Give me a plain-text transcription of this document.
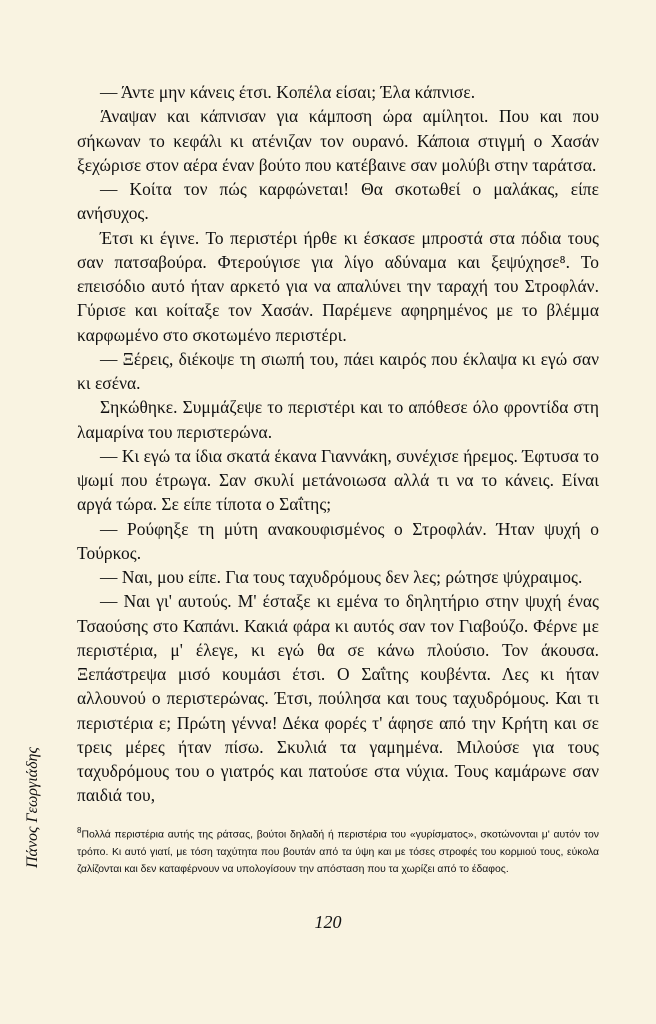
— Άντε μην κάνεις έτσι. Κοπέλα είσαι; Έλα κάπνισε.

Άναψαν και κάπνισαν για κάμποση ώρα αμίλητοι. Που και που σήκωναν το κεφάλι κι ατένιζαν τον ουρανό. Κάποια στιγμή ο Χασάν ξεχώρισε στον αέρα έναν βούτο που κατέβαινε σαν μολύβι στην ταράτσα.

— Κοίτα τον πώς καρφώνεται! Θα σκοτωθεί ο μαλάκας, είπε ανήσυχος.

Έτσι κι έγινε. Το περιστέρι ήρθε κι έσκασε μπροστά στα πόδια τους σαν πατσαβούρα. Φτερούγισε για λίγο αδύναμα και ξεψύχησε⁸. Το επεισόδιο αυτό ήταν αρκετό για να απαλύνει την ταραχή του Στροφλάν. Γύρισε και κοίταξε τον Χασάν. Παρέμενε αφηρημένος με το βλέμμα καρφωμένο στο σκοτωμένο περιστέρι.

— Ξέρεις, διέκοψε τη σιωπή του, πάει καιρός που έκλαψα κι εγώ σαν κι εσένα.

Σηκώθηκε. Συμμάζεψε το περιστέρι και το απόθεσε όλο φροντίδα στη λαμαρίνα του περιστερώνα.

— Κι εγώ τα ίδια σκατά έκανα Γιαννάκη, συνέχισε ήρεμος. Έφτυσα το ψωμί που έτρωγα. Σαν σκυλί μετάνοιωσα αλλά τι να το κάνεις. Είναι αργά τώρα. Σε είπε τίποτα ο Σαΐτης;

— Ρούφηξε τη μύτη ανακουφισμένος ο Στροφλάν. Ήταν ψυχή ο Τούρκος.

— Ναι, μου είπε. Για τους ταχυδρόμους δεν λες; ρώτησε ψύχραιμος.

— Ναι γι' αυτούς. Μ' έσταξε κι εμένα το δηλητήριο στην ψυχή ένας Τσαούσης στο Καπάνι. Κακιά φάρα κι αυτός σαν τον Γιαβούζο. Φέρνε με περιστέρια, μ' έλεγε, κι εγώ θα σε κάνω πλούσιο. Τον άκουσα. Ξεπάστρεψα μισό κουμάσι έτσι. Ο Σαΐτης κουβέντα. Λες κι ήταν αλλουνού ο περιστερώνας. Έτσι, πούλησα και τους ταχυδρόμους. Και τι περιστέρια ε; Πρώτη γέννα! Δέκα φορές τ' άφησε από την Κρήτη και σε τρεις μέρες ήταν πίσω. Σκυλιά τα γαμημένα. Μιλούσε για τους ταχυδρόμους του ο γιατρός και πατούσε στα νύχια. Τους καμάρωνε σαν παιδιά του,

$^8$Πολλά περιστέρια αυτής της ράτσας, βούτοι δηλαδή ή περιστέρια του «γυρίσματος», σκοτώνονται μ' αυτόν τον τρόπο. Κι αυτό γιατί, με τόση ταχύτητα που βουτάν από τα ύψη και με τόσες στροφές του κορμιού τους, εύκολα ζαλίζονται και δεν καταφέρνουν να υπολογίσουν την απόσταση που τα χωρίζει από το έδαφος.

120
Πάνος Γεωργιάδης
